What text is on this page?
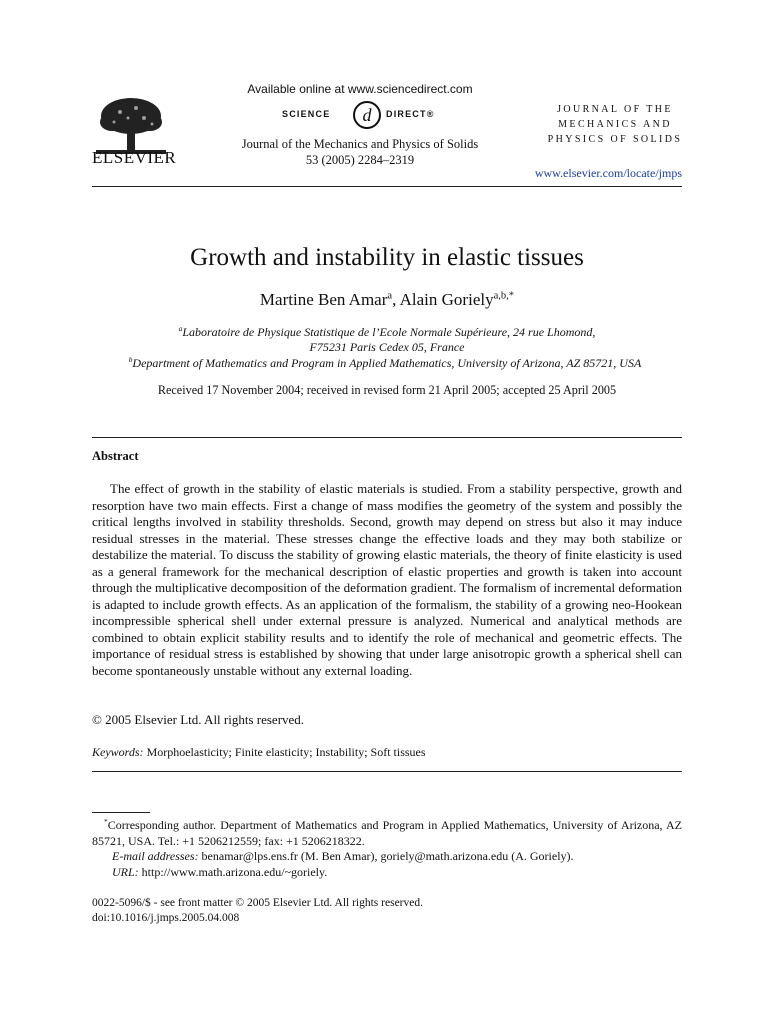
ELSEVIER
Available online at www.sciencedirect.com
SCIENCE d DIRECT®
Journal of the Mechanics and Physics of Solids
53 (2005) 2284–2319
JOURNAL OF THE
MECHANICS AND
PHYSICS OF SOLIDS
www.elsevier.com/locate/jmps
Growth and instability in elastic tissues
Martine Ben Amar$^a$, Alain Goriely$^{a,b,*}$
$^a$Laboratoire de Physique Statistique de l’Ecole Normale Supérieure, 24 rue Lhomond,
F75231 Paris Cedex 05, France
$^b$Department of Mathematics and Program in Applied Mathematics, University of Arizona, AZ 85721, USA
Received 17 November 2004; received in revised form 21 April 2005; accepted 25 April 2005
Abstract
The effect of growth in the stability of elastic materials is studied. From a stability perspective, growth and resorption have two main effects. First a change of mass modifies the geometry of the system and possibly the critical lengths involved in stability thresholds. Second, growth may depend on stress but also it may induce residual stresses in the material. These stresses change the effective loads and they may both stabilize or destabilize the material. To discuss the stability of growing elastic materials, the theory of finite elasticity is used as a general framework for the mechanical description of elastic properties and growth is taken into account through the multiplicative decomposition of the deformation gradient. The formalism of incremental deformation is adapted to include growth effects. As an application of the formalism, the stability of a growing neo-Hookean incompressible spherical shell under external pressure is analyzed. Numerical and analytical methods are combined to obtain explicit stability results and to identify the role of mechanical and geometric effects. The importance of residual stress is established by showing that under large anisotropic growth a spherical shell can become spontaneously unstable without any external loading.
© 2005 Elsevier Ltd. All rights reserved.
Keywords: Morphoelasticity; Finite elasticity; Instability; Soft tissues
*Corresponding author. Department of Mathematics and Program in Applied Mathematics, University of Arizona, AZ 85721, USA. Tel.: +1 5206212559; fax: +1 5206218322.
E-mail addresses: benamar@lps.ens.fr (M. Ben Amar), goriely@math.arizona.edu (A. Goriely).
URL: http://www.math.arizona.edu/~goriely.
0022-5096/$ - see front matter © 2005 Elsevier Ltd. All rights reserved.
doi:10.1016/j.jmps.2005.04.008
